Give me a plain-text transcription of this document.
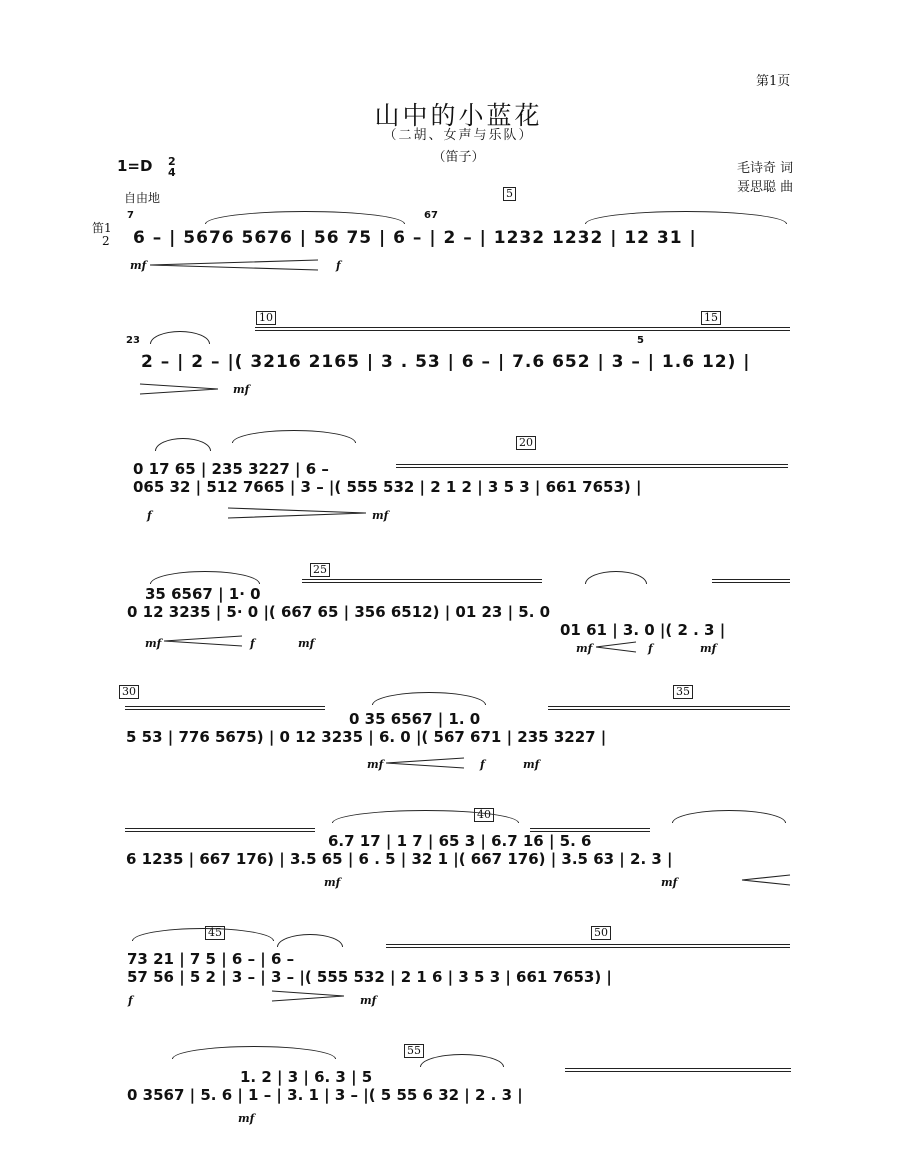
第1页
山中的小蓝花
（二胡、女声与乐队）
（笛子）
毛诗奇 词
聂思聪 曲
1=D 2
4
自由地
笛1
2
7	67
5
6 – | 5676 5676 | 56 75 | 6 – | 2 – | 1232 1232 | 12 31 |
mf	f
23
10	15
5
2 – | 2 – |( 3216 2165 | 3 . 53 | 6 – | 7.6 652 | 3 – | 1.6 12) |
mf
20
0 17 65 | 235 3227 | 6 –
065 32 | 512 7665 | 3 – |( 555 532 | 2 1 2 | 3 5 3 | 661 7653) |
f	mf
25
35 6567 | 1· 0
0 12 3235 | 5· 0 |( 667 65 | 356 6512) | 01 23 | 5. 0
01 61 | 3. 0 |( 2 . 3 |
mf	f	mf	mf	f	mf
30	35
0 35 6567 | 1. 0
5 53 | 776 5675) | 0 12 3235 | 6. 0 |( 567 671 | 235 3227 |
mf	f	mf
40
6.7 17 | 1 7 | 65 3 | 6.7 16 | 5. 6
6 1235 | 667 176) | 3.5 65 | 6 . 5 | 32 1 |( 667 176) | 3.5 63 | 2. 3 |
mf	mf
45	50
73 21 | 7 5 | 6 – | 6 –
57 56 | 5 2 | 3 – | 3 – |( 555 532 | 2 1 6 | 3 5 3 | 661 7653) |
f	mf
55
1. 2 | 3 | 6. 3 | 5
0 3567 | 5. 6 | 1 – | 3. 1 | 3 – |( 5 55 6 32 | 2 . 3 |
mf
